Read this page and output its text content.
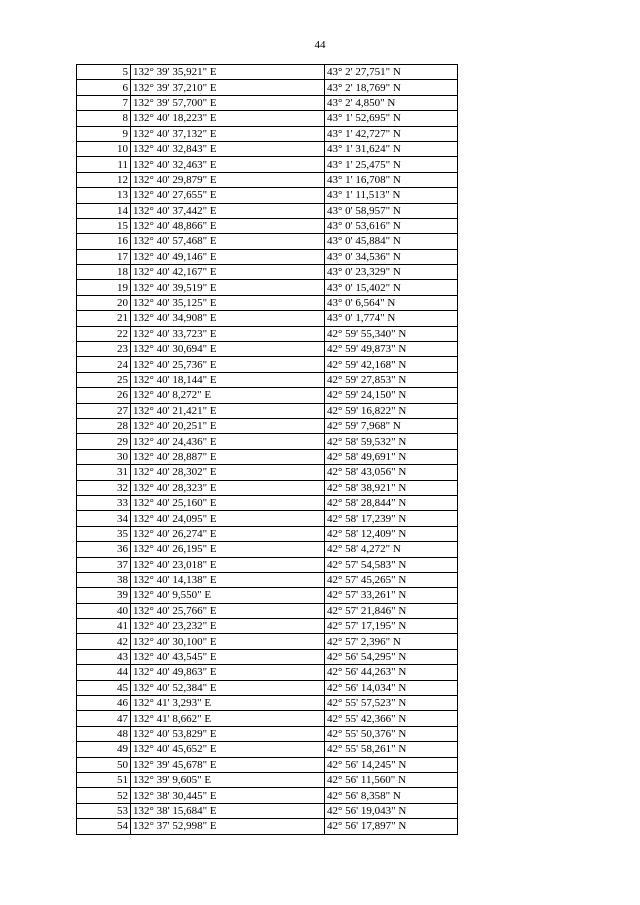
44
5	132° 39' 35,921" E	43° 2' 27,751" N
6	132° 39' 37,210" E	43° 2' 18,769" N
7	132° 39' 57,700" E	43° 2' 4,850" N
8	132° 40' 18,223" E	43° 1' 52,695" N
9	132° 40' 37,132" E	43° 1' 42,727" N
10	132° 40' 32,843" E	43° 1' 31,624" N
11	132° 40' 32,463" E	43° 1' 25,475" N
12	132° 40' 29,879" E	43° 1' 16,708" N
13	132° 40' 27,655" E	43° 1' 11,513" N
14	132° 40' 37,442" E	43° 0' 58,957" N
15	132° 40' 48,866" E	43° 0' 53,616" N
16	132° 40' 57,468" E	43° 0' 45,884" N
17	132° 40' 49,146" E	43° 0' 34,536" N
18	132° 40' 42,167" E	43° 0' 23,329" N
19	132° 40' 39,519" E	43° 0' 15,402" N
20	132° 40' 35,125" E	43° 0' 6,564" N
21	132° 40' 34,908" E	43° 0' 1,774" N
22	132° 40' 33,723" E	42° 59' 55,340" N
23	132° 40' 30,694" E	42° 59' 49,873" N
24	132° 40' 25,736" E	42° 59' 42,168" N
25	132° 40' 18,144" E	42° 59' 27,853" N
26	132° 40' 8,272" E	42° 59' 24,150" N
27	132° 40' 21,421" E	42° 59' 16,822" N
28	132° 40' 20,251" E	42° 59' 7,968" N
29	132° 40' 24,436" E	42° 58' 59,532" N
30	132° 40' 28,887" E	42° 58' 49,691" N
31	132° 40' 28,302" E	42° 58' 43,056" N
32	132° 40' 28,323" E	42° 58' 38,921" N
33	132° 40' 25,160" E	42° 58' 28,844" N
34	132° 40' 24,095" E	42° 58' 17,239" N
35	132° 40' 26,274" E	42° 58' 12,409" N
36	132° 40' 26,195" E	42° 58' 4,272" N
37	132° 40' 23,018" E	42° 57' 54,583" N
38	132° 40' 14,138" E	42° 57' 45,265" N
39	132° 40' 9,550" E	42° 57' 33,261" N
40	132° 40' 25,766" E	42° 57' 21,846" N
41	132° 40' 23,232" E	42° 57' 17,195" N
42	132° 40' 30,100" E	42° 57' 2,396" N
43	132° 40' 43,545" E	42° 56' 54,295" N
44	132° 40' 49,863" E	42° 56' 44,263" N
45	132° 40' 52,384" E	42° 56' 14,034" N
46	132° 41' 3,293" E	42° 55' 57,523" N
47	132° 41' 8,662" E	42° 55' 42,366" N
48	132° 40' 53,829" E	42° 55' 50,376" N
49	132° 40' 45,652" E	42° 55' 58,261" N
50	132° 39' 45,678" E	42° 56' 14,245" N
51	132° 39' 9,605" E	42° 56' 11,560" N
52	132° 38' 30,445" E	42° 56' 8,358" N
53	132° 38' 15,684" E	42° 56' 19,043" N
54	132° 37' 52,998" E	42° 56' 17,897" N
